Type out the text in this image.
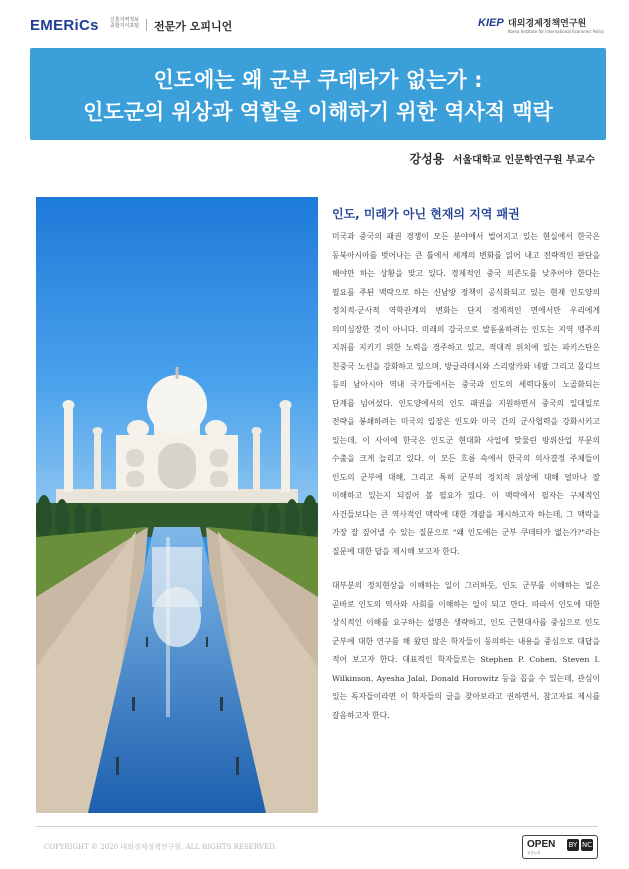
EMERiCs 신흥지역정보 종합지식포털 전문가 오피니언	KIEP 대외경제정책연구원
Korea Institute for International Economic Policy
인도에는 왜 군부 쿠데타가 없는가 :
인도군의 위상과 역할을 이해하기 위한 역사적 맥락
강성용 서울대학교 인문학연구원 부교수
인도, 미래가 아닌 현재의 지역 패권

미국과 중국의 패권 경쟁이 모든 분야에서 벌어지고 있는 현실에서 한국은 동북아시아를 벗어나는 큰 틀에서 세계의 변화를 읽어 내고 전략적인 판단을 해야만 하는 상황을 맞고 있다. 경제적인 중국 의존도를 낮추어야 한다는 필요를 주된 맥락으로 하는 신남방 정책이 공식화되고 있는 현재 인도양의 정치적·군사적 역학관계의 변화는 단지 경제적인 면에서만 우리에게 의미심장한 것이 아니다. 미래의 강국으로 발돋움하려는 인도는 지역 맹주의 지위를 지키기 위한 노력을 경주하고 있고, 적대적 위치에 있는 파키스탄은 친중국 노선을 강화하고 있으며, 방글라데시와 스리랑카와 네팔 그리고 몰디브 등의 남아시아 역내 국가들에서는 중국과 인도의 세력다툼이 노골화되는 단계를 넘어섰다. 인도양에서의 인도 패권을 지원하면서 중국의 일대일로 전략을 봉쇄하려는 미국의 입장은 인도와 미국 간의 군사협력을 강화시키고 있는데, 이 사이에 한국은 인도군 현대화 사업에 맞물린 방위산업 부문의 수출을 크게 늘리고 있다. 이 모든 흐름 속에서 한국의 의사결정 주체들이 인도의 군부에 대해, 그리고 특히 군부의 정치적 위상에 대해 얼마나 잘 이해하고 있는지 되짚어 볼 필요가 있다. 이 맥락에서 필자는 구체적인 사건들보다는 큰 역사적인 맥락에 대한 개괄을 제시하고자 하는데, 그 맥락을 가장 잘 짚어낼 수 있는 질문으로 "왜 인도에는 군부 쿠데타가 없는가?"라는 질문에 대한 답을 제시해 보고자 한다.

대부분의 정치현상을 이해하는 일이 그러하듯, 인도 군부를 이해하는 일은 곧바로 인도의 역사와 사회를 이해하는 일이 되고 만다. 따라서 인도에 대한 상식적인 이해를 요구하는 설명은 생략하고, 인도 근현대사를 중심으로 인도 군부에 대한 연구를 해 왔던 많은 학자들이 동의하는 내용을 중심으로 대답을 적어 보고자 한다. 대표적인 학자들로는 Stephen P. Cohen, Steven I. Wilkinson, Ayesha Jalal, Donald Horowitz 등을 꼽을 수 있는데, 관심이 있는 독자들이라면 이 학자들의 글을 찾아보라고 권하면서, 참고자료 제시를 갈음하고자 한다.

COPYRIGHT © 2020 대외경제정책연구원. ALL RIGHTS RESERVED.	OPEN
공공누리
BY NC
